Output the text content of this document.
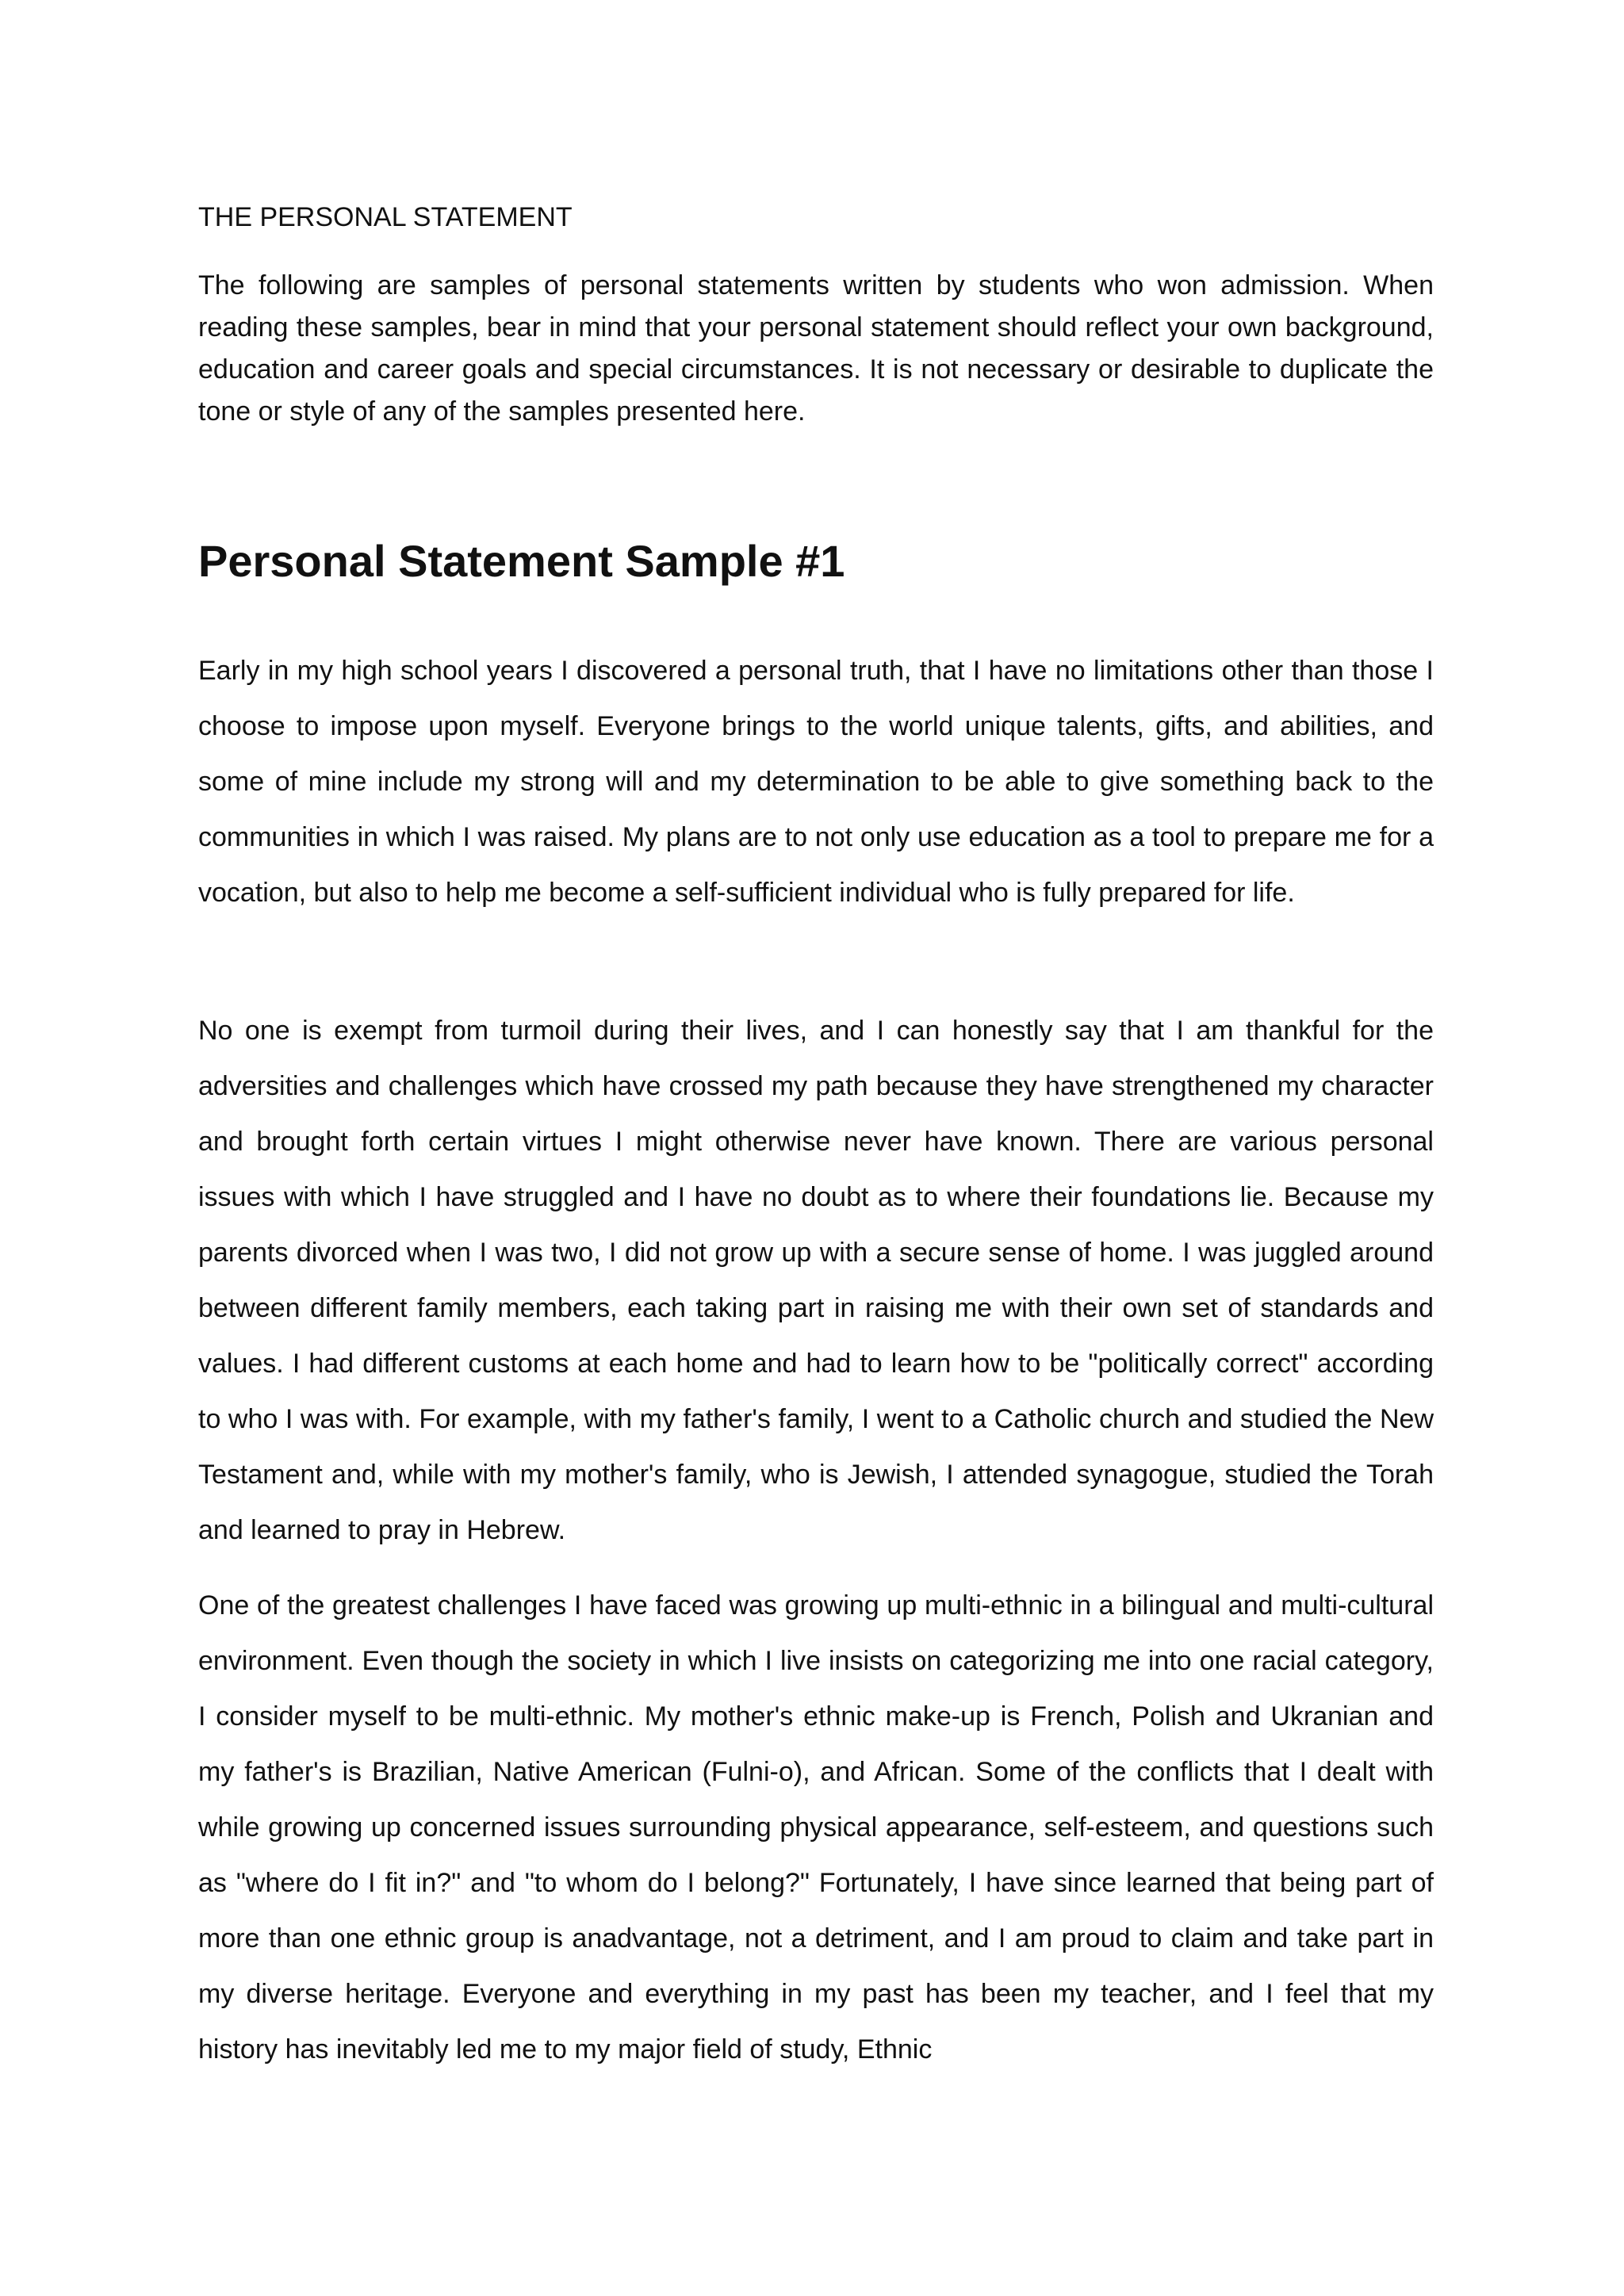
THE PERSONAL STATEMENT

The following are samples of personal statements written by students who won admission. When reading these samples, bear in mind that your personal statement should reflect your own background, education and career goals and special circumstances. It is not necessary or desirable to duplicate the tone or style of any of the samples presented here.

Personal Statement Sample #1

Early in my high school years I discovered a personal truth, that I have no limitations other than those I choose to impose upon myself. Everyone brings to the world unique talents, gifts, and abilities, and some of mine include my strong will and my determination to be able to give something back to the communities in which I was raised. My plans are to not only use education as a tool to prepare me for a vocation, but also to help me become a self-sufficient individual who is fully prepared for life.

No one is exempt from turmoil during their lives, and I can honestly say that I am thankful for the adversities and challenges which have crossed my path because they have strengthened my character and brought forth certain virtues I might otherwise never have known. There are various personal issues with which I have struggled and I have no doubt as to where their foundations lie. Because my parents divorced when I was two, I did not grow up with a secure sense of home. I was juggled around between different family members, each taking part in raising me with their own set of standards and values. I had different customs at each home and had to learn how to be "politically correct" according to who I was with. For example, with my father's family, I went to a Catholic church and studied the New Testament and, while with my mother's family, who is Jewish, I attended synagogue, studied the Torah and learned to pray in Hebrew.

One of the greatest challenges I have faced was growing up multi-ethnic in a bilingual and multi-cultural environment. Even though the society in which I live insists on categorizing me into one racial category, I consider myself to be multi-ethnic. My mother's ethnic make-up is French, Polish and Ukranian and my father's is Brazilian, Native American (Fulni-o), and African. Some of the conflicts that I dealt with while growing up concerned issues surrounding physical appearance, self-esteem, and questions such as "where do I fit in?" and "to whom do I belong?" Fortunately, I have since learned that being part of more than one ethnic group is anadvantage, not a detriment, and I am proud to claim and take part in my diverse heritage. Everyone and everything in my past has been my teacher, and I feel that my history has inevitably led me to my major field of study, Ethnic
